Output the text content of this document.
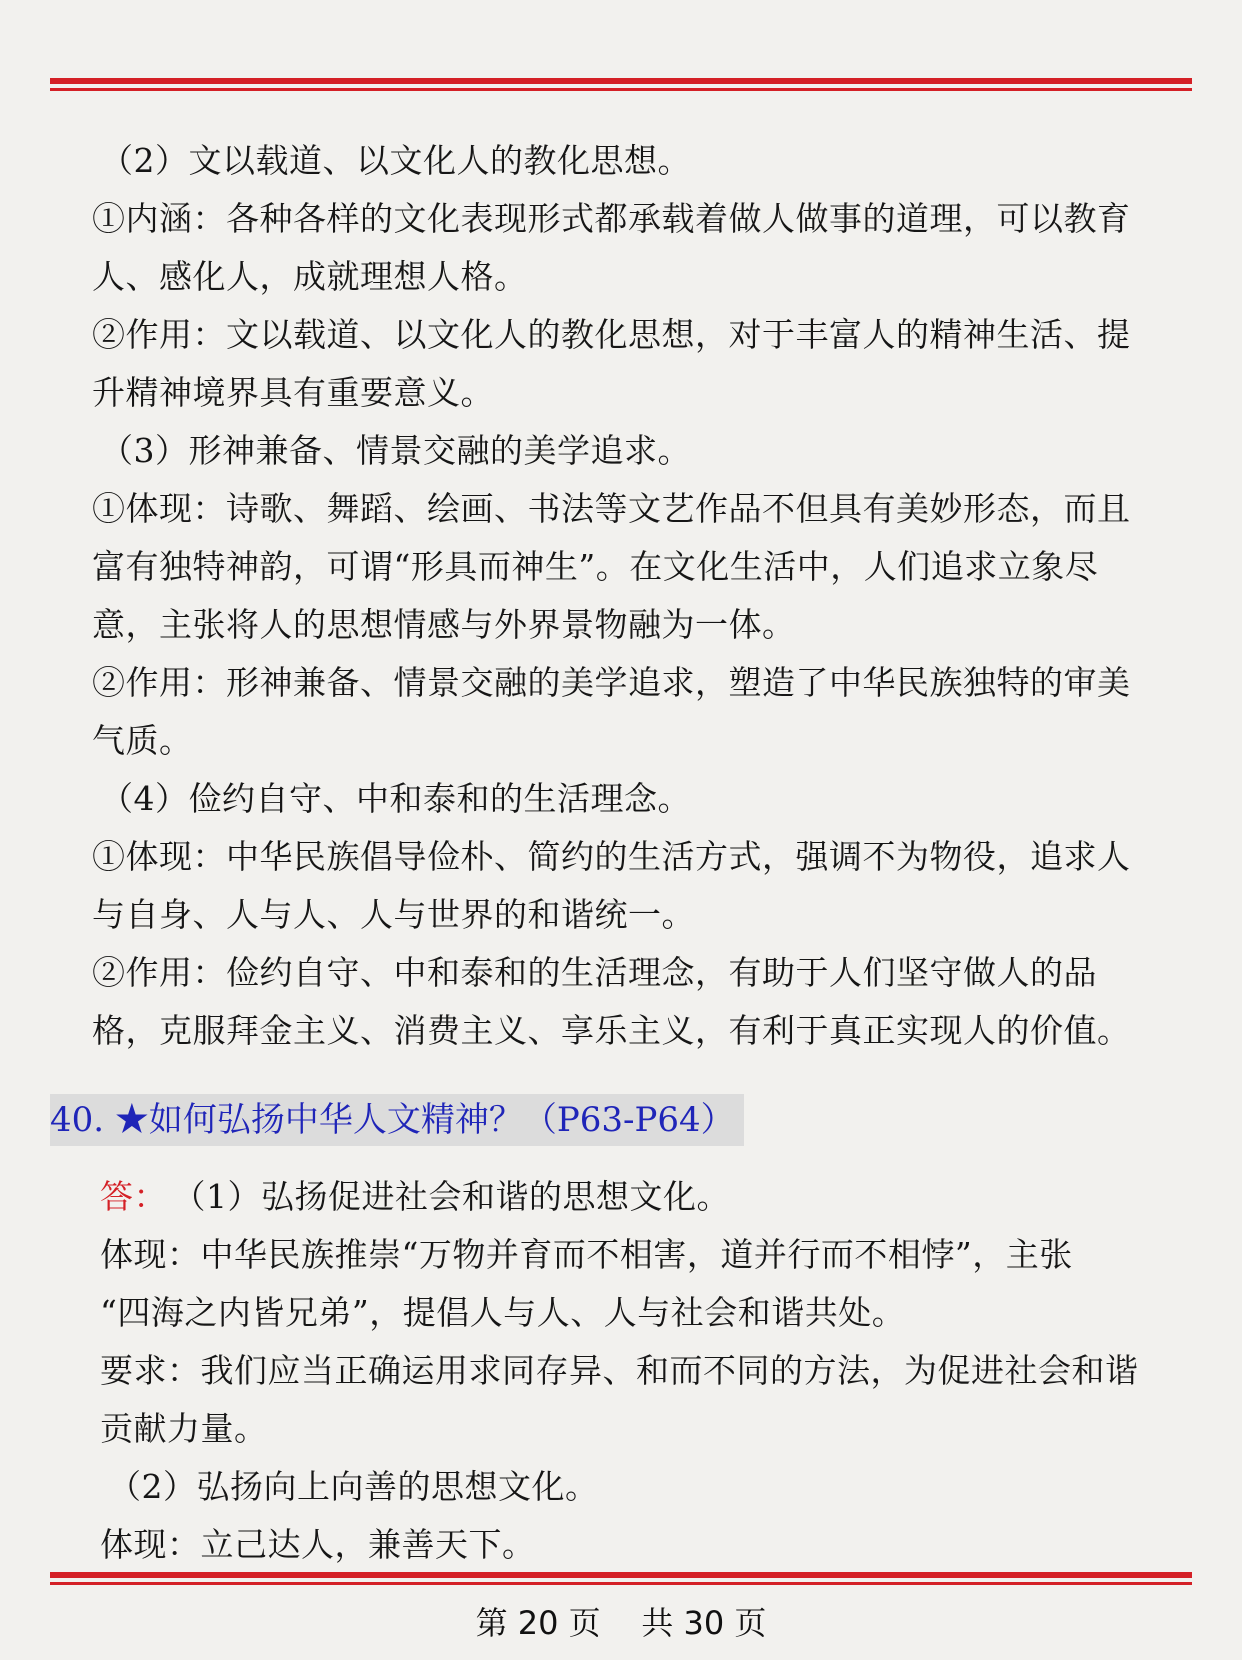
（2）文以载道、以文化人的教化思想。

①内涵：各种各样的文化表现形式都承载着做人做事的道理，可以教育

人、感化人，成就理想人格。

②作用：文以载道、以文化人的教化思想，对于丰富人的精神生活、提

升精神境界具有重要意义。

（3）形神兼备、情景交融的美学追求。

①体现：诗歌、舞蹈、绘画、书法等文艺作品不但具有美妙形态，而且

富有独特神韵，可谓“形具而神生”。在文化生活中，人们追求立象尽

意，主张将人的思想情感与外界景物融为一体。

②作用：形神兼备、情景交融的美学追求，塑造了中华民族独特的审美

气质。

（4）俭约自守、中和泰和的生活理念。

①体现：中华民族倡导俭朴、简约的生活方式，强调不为物役，追求人

与自身、人与人、人与世界的和谐统一。

②作用：俭约自守、中和泰和的生活理念，有助于人们坚守做人的品

格，克服拜金主义、消费主义、享乐主义，有利于真正实现人的价值。

40. ★如何弘扬中华人文精神？（P63-P64）

答： （1）弘扬促进社会和谐的思想文化。

体现：中华民族推崇“万物并育而不相害，道并行而不相悖”，主张

“四海之内皆兄弟”，提倡人与人、人与社会和谐共处。

要求：我们应当正确运用求同存异、和而不同的方法，为促进社会和谐

贡献力量。

（2）弘扬向上向善的思想文化。

体现：立己达人，兼善天下。

第 20 页    共 30 页
